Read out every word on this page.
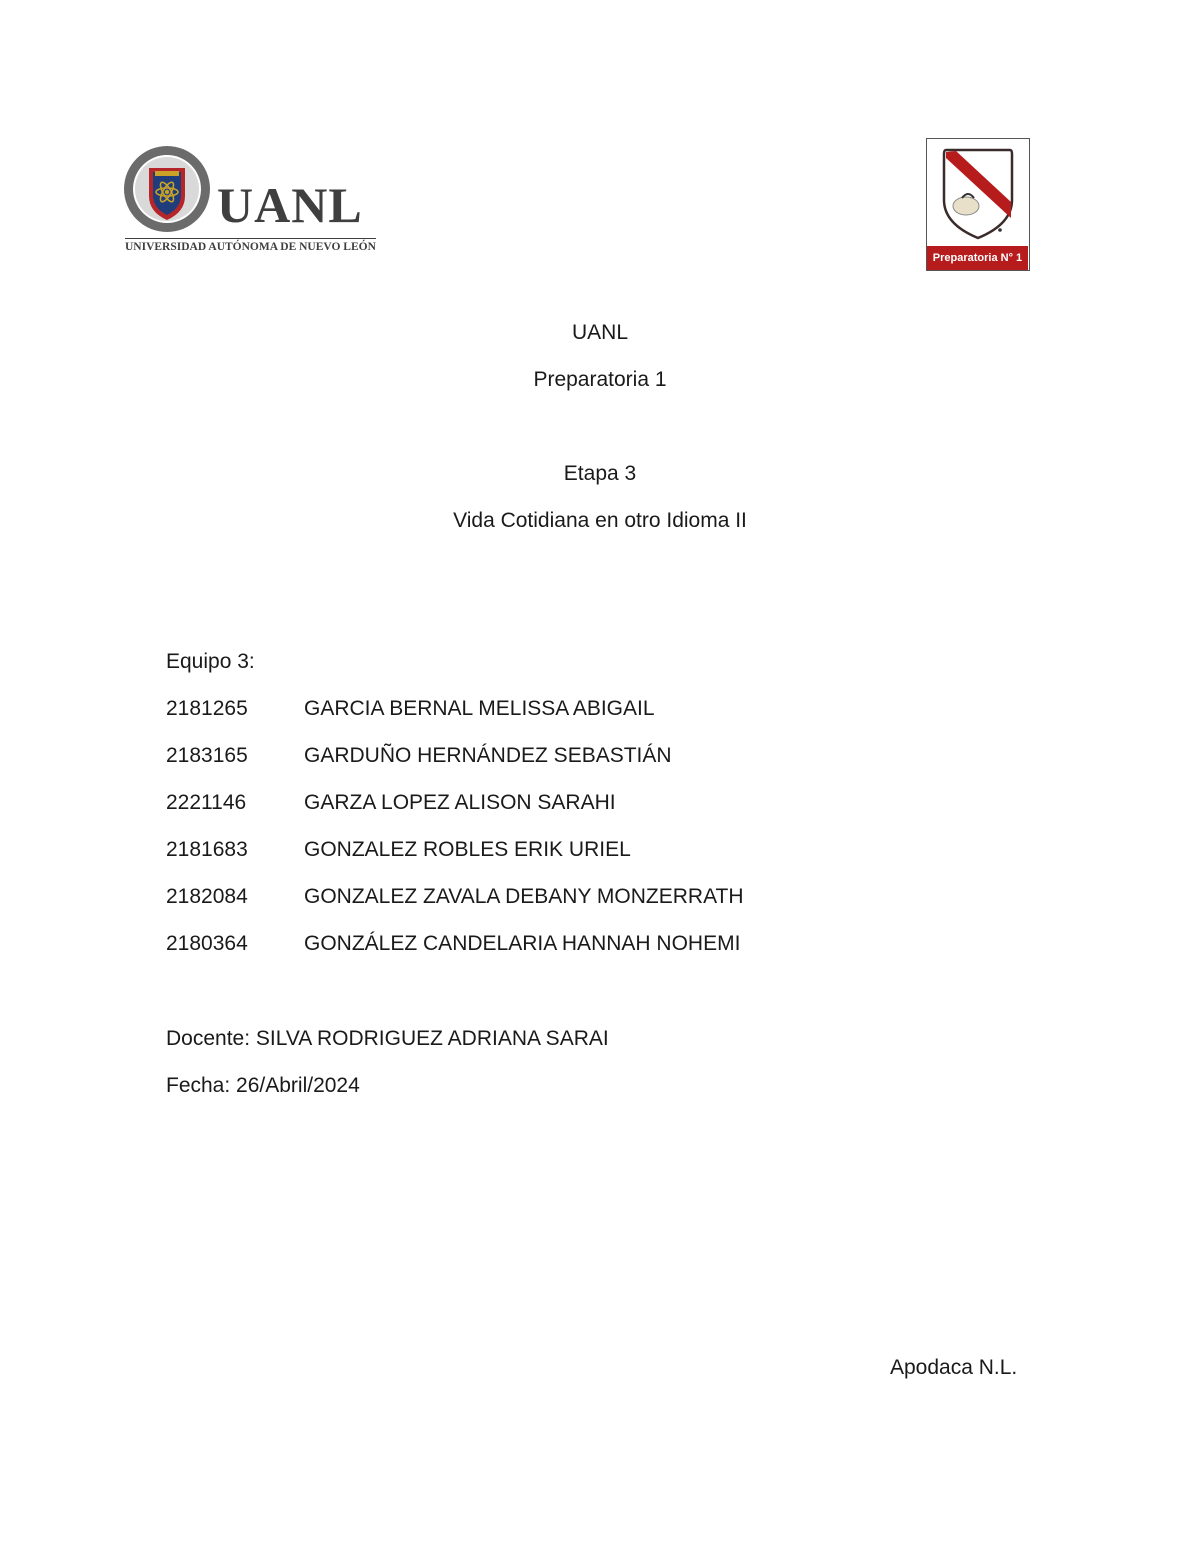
UANL
UNIVERSIDAD AUTÓNOMA DE NUEVO LEÓN
Preparatoria N° 1
UANL
Preparatoria 1
Etapa 3
Vida Cotidiana en otro Idioma II
Equipo 3:
2181265	GARCIA BERNAL MELISSA ABIGAIL
2183165	GARDUÑO HERNÁNDEZ SEBASTIÁN
2221146	GARZA LOPEZ ALISON SARAHI
2181683	GONZALEZ ROBLES ERIK URIEL
2182084	GONZALEZ ZAVALA DEBANY MONZERRATH
2180364	GONZÁLEZ CANDELARIA HANNAH NOHEMI
Docente: SILVA RODRIGUEZ ADRIANA SARAI
Fecha: 26/Abril/2024
Apodaca N.L.
